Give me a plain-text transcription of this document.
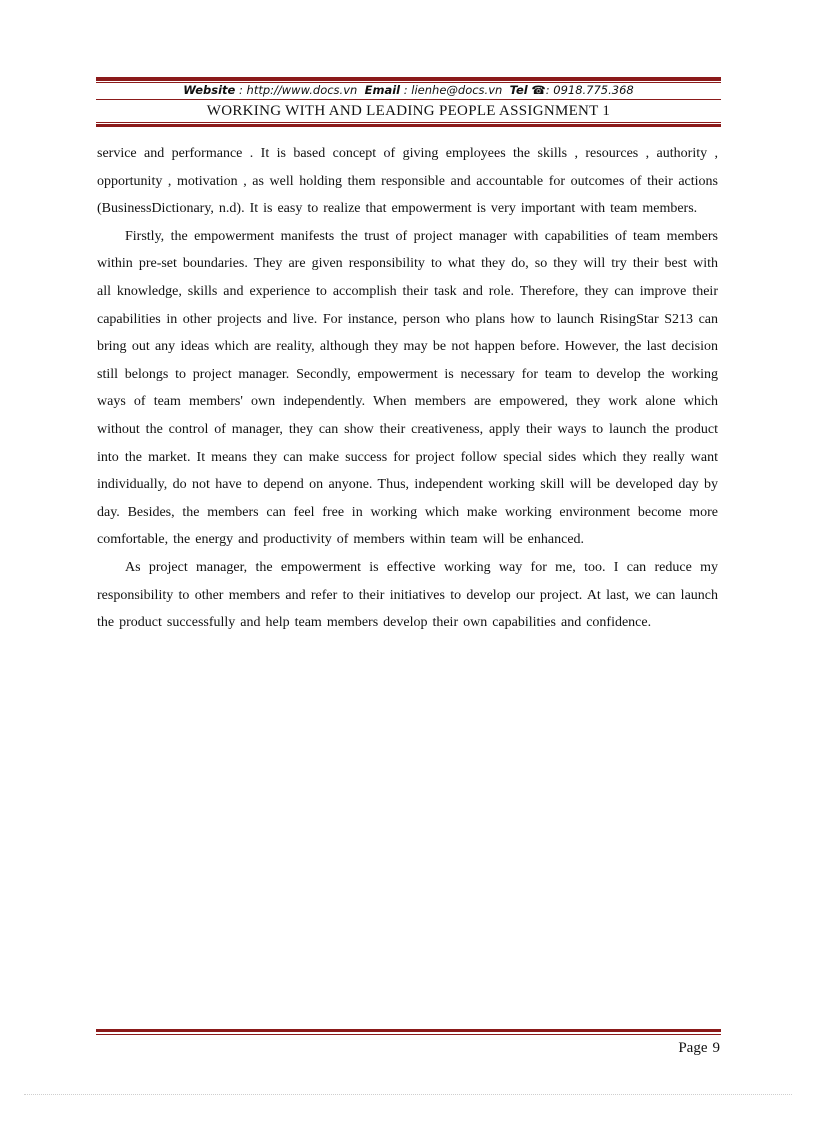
Website : http://www.docs.vn Email : lienhe@docs.vn Tel ☎: 0918.775.368
WORKING WITH AND LEADING PEOPLE ASSIGNMENT 1

service and performance . It is based concept of giving employees the skills , resources , authority , opportunity , motivation , as well holding them responsible and accountable for outcomes of their actions (BusinessDictionary, n.d). It is easy to realize that empowerment is very important with team members.

Firstly, the empowerment manifests the trust of project manager with capabilities of team members within pre-set boundaries. They are given responsibility to what they do, so they will try their best with all knowledge, skills and experience to accomplish their task and role. Therefore, they can improve their capabilities in other projects and live. For instance, person who plans how to launch RisingStar S213 can bring out any ideas which are reality, although they may be not happen before. However, the last decision still belongs to project manager. Secondly, empowerment is necessary for team to develop the working ways of team members' own independently. When members are empowered, they work alone which without the control of manager, they can show their creativeness, apply their ways to launch the product into the market. It means they can make success for project follow special sides which they really want individually, do not have to depend on anyone. Thus, independent working skill will be developed day by day. Besides, the members can feel free in working which make working environment become more comfortable, the energy and productivity of members within team will be enhanced.

As project manager, the empowerment is effective working way for me, too. I can reduce my responsibility to other members and refer to their initiatives to develop our project. At last, we can launch the product successfully and help team members develop their own capabilities and confidence.

Page 9
